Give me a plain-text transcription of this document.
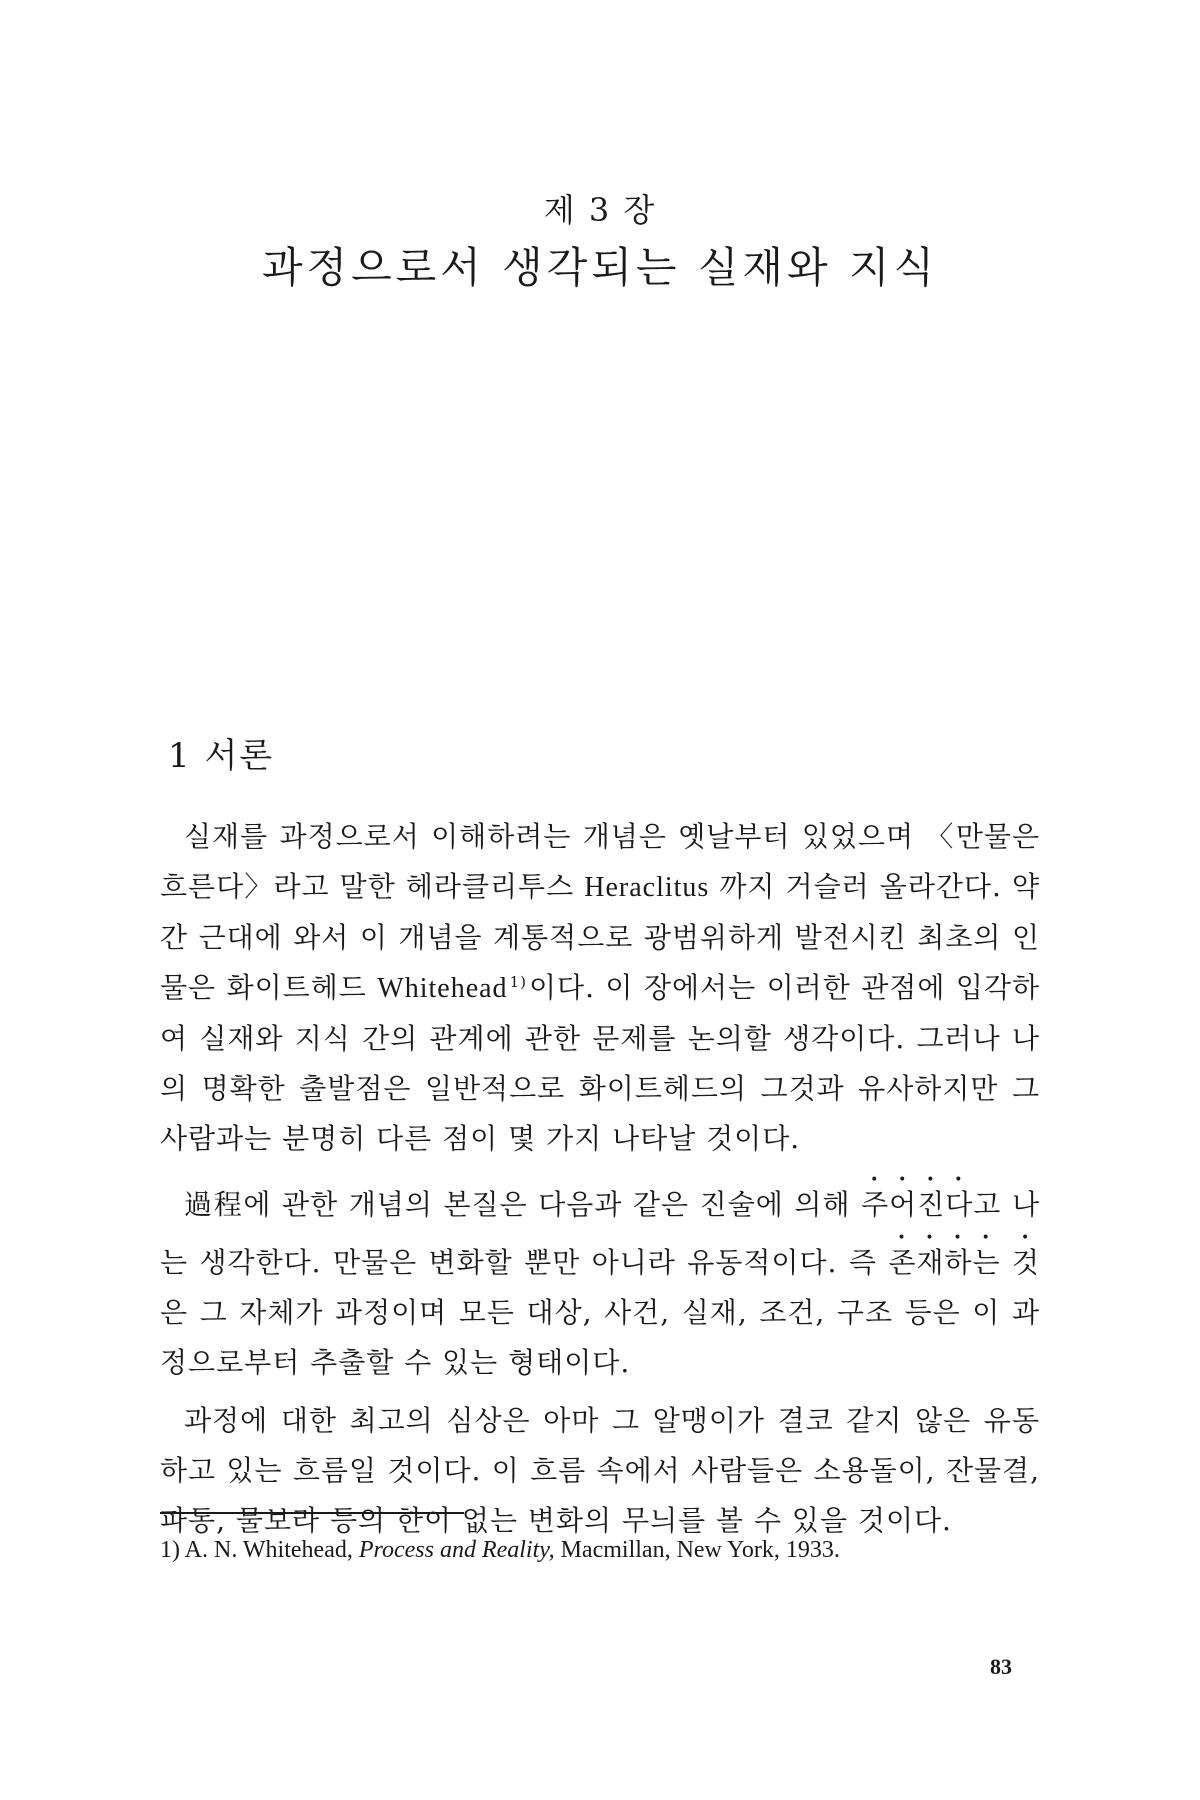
제 3 장
과정으로서 생각되는 실재와 지식
1 서론

실재를 과정으로서 이해하려는 개념은 옛날부터 있었으며 〈만물은 흐른다〉라고 말한 헤라클리투스 Heraclitus 까지 거슬러 올라간다. 약간 근대에 와서 이 개념을 계통적으로 광범위하게 발전시킨 최초의 인물은 화이트헤드 Whitehead $^{1)}$이다. 이 장에서는 이러한 관점에 입각하여 실재와 지식 간의 관계에 관한 문제를 논의할 생각이다. 그러나 나의 명확한 출발점은 일반적으로 화이트헤드의 그것과 유사하지만 그 사람과는 분명히 다른 점이 몇 가지 나타날 것이다.

過程에 관한 개념의 본질은 다음과 같은 진술에 의해 주어진다고 나는 생각한다. 만물은 변화할 뿐만 아니라 유동적이다. 즉 존재하는 것은 그 자체가 과정이며 모든 대상, 사건, 실재, 조건, 구조 등은 이 과정으로부터 추출할 수 있는 형태이다.

과정에 대한 최고의 심상은 아마 그 알맹이가 결코 같지 않은 유동하고 있는 흐름일 것이다. 이 흐름 속에서 사람들은 소용돌이, 잔물결, 파동, 물보라 등의 한이 없는 변화의 무늬를 볼 수 있을 것이다.

1) A. N. Whitehead, Process and Reality, Macmillan, New York, 1933.
83
